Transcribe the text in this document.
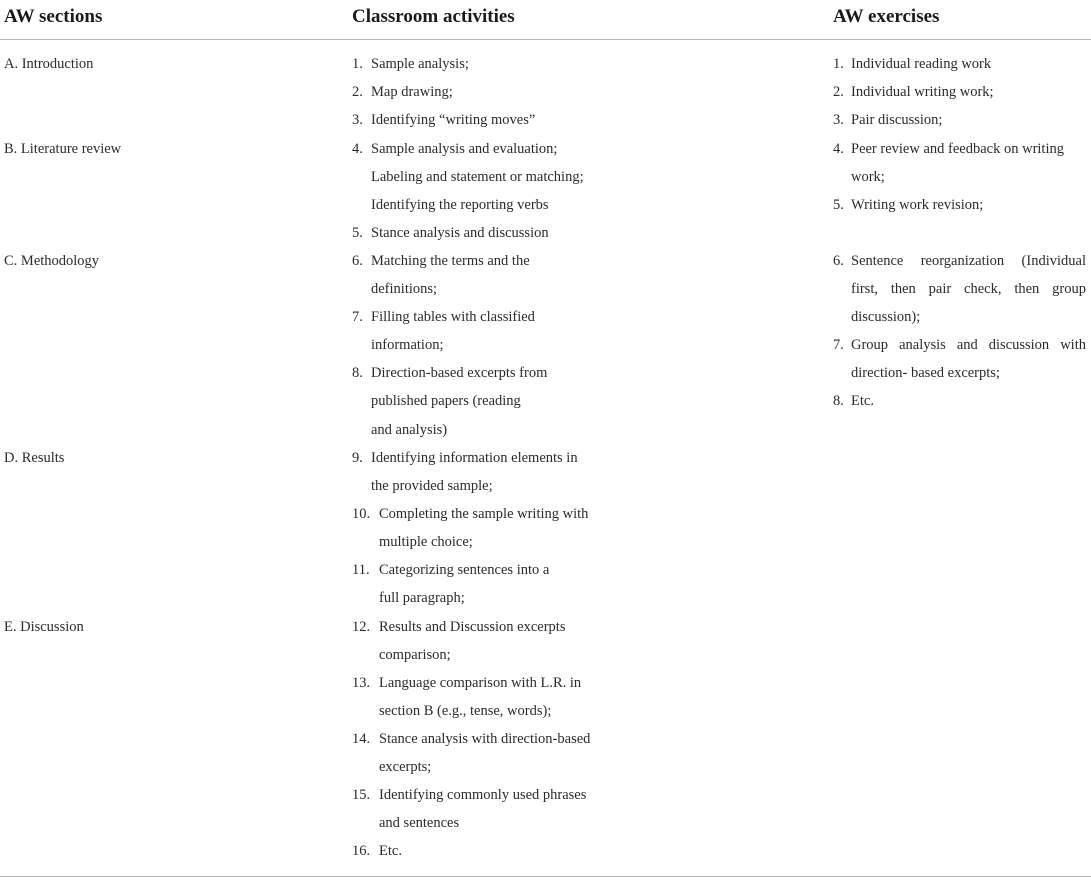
AW sections	Classroom activities	AW exercises
A. Introduction
B. Literature review
C. Methodology
D. Results
E. Discussion
1. Sample analysis;
2. Map drawing;
3. Identifying “writing moves”
4. Sample analysis and evaluation;
Labeling and statement or matching;
Identifying the reporting verbs
5. Stance analysis and discussion
6. Matching the terms and the
definitions;
7. Filling tables with classified
information;
8. Direction-based excerpts from
published papers (reading
and analysis)
9. Identifying information elements in
the provided sample;
10. Completing the sample writing with
multiple choice;
11. Categorizing sentences into a
full paragraph;
12. Results and Discussion excerpts
comparison;
13. Language comparison with L.R. in
section B (e.g., tense, words);
14. Stance analysis with direction-based
excerpts;
15. Identifying commonly used phrases
and sentences
16. Etc.
1. Individual reading work
2. Individual writing work;
3. Pair discussion;
4. Peer review and feedback on writing
work;
5. Writing work revision;
6. Sentence reorganization (Individual
first, then pair check, then group
discussion);
7. Group analysis and discussion with
direction- based excerpts;
8. Etc.
